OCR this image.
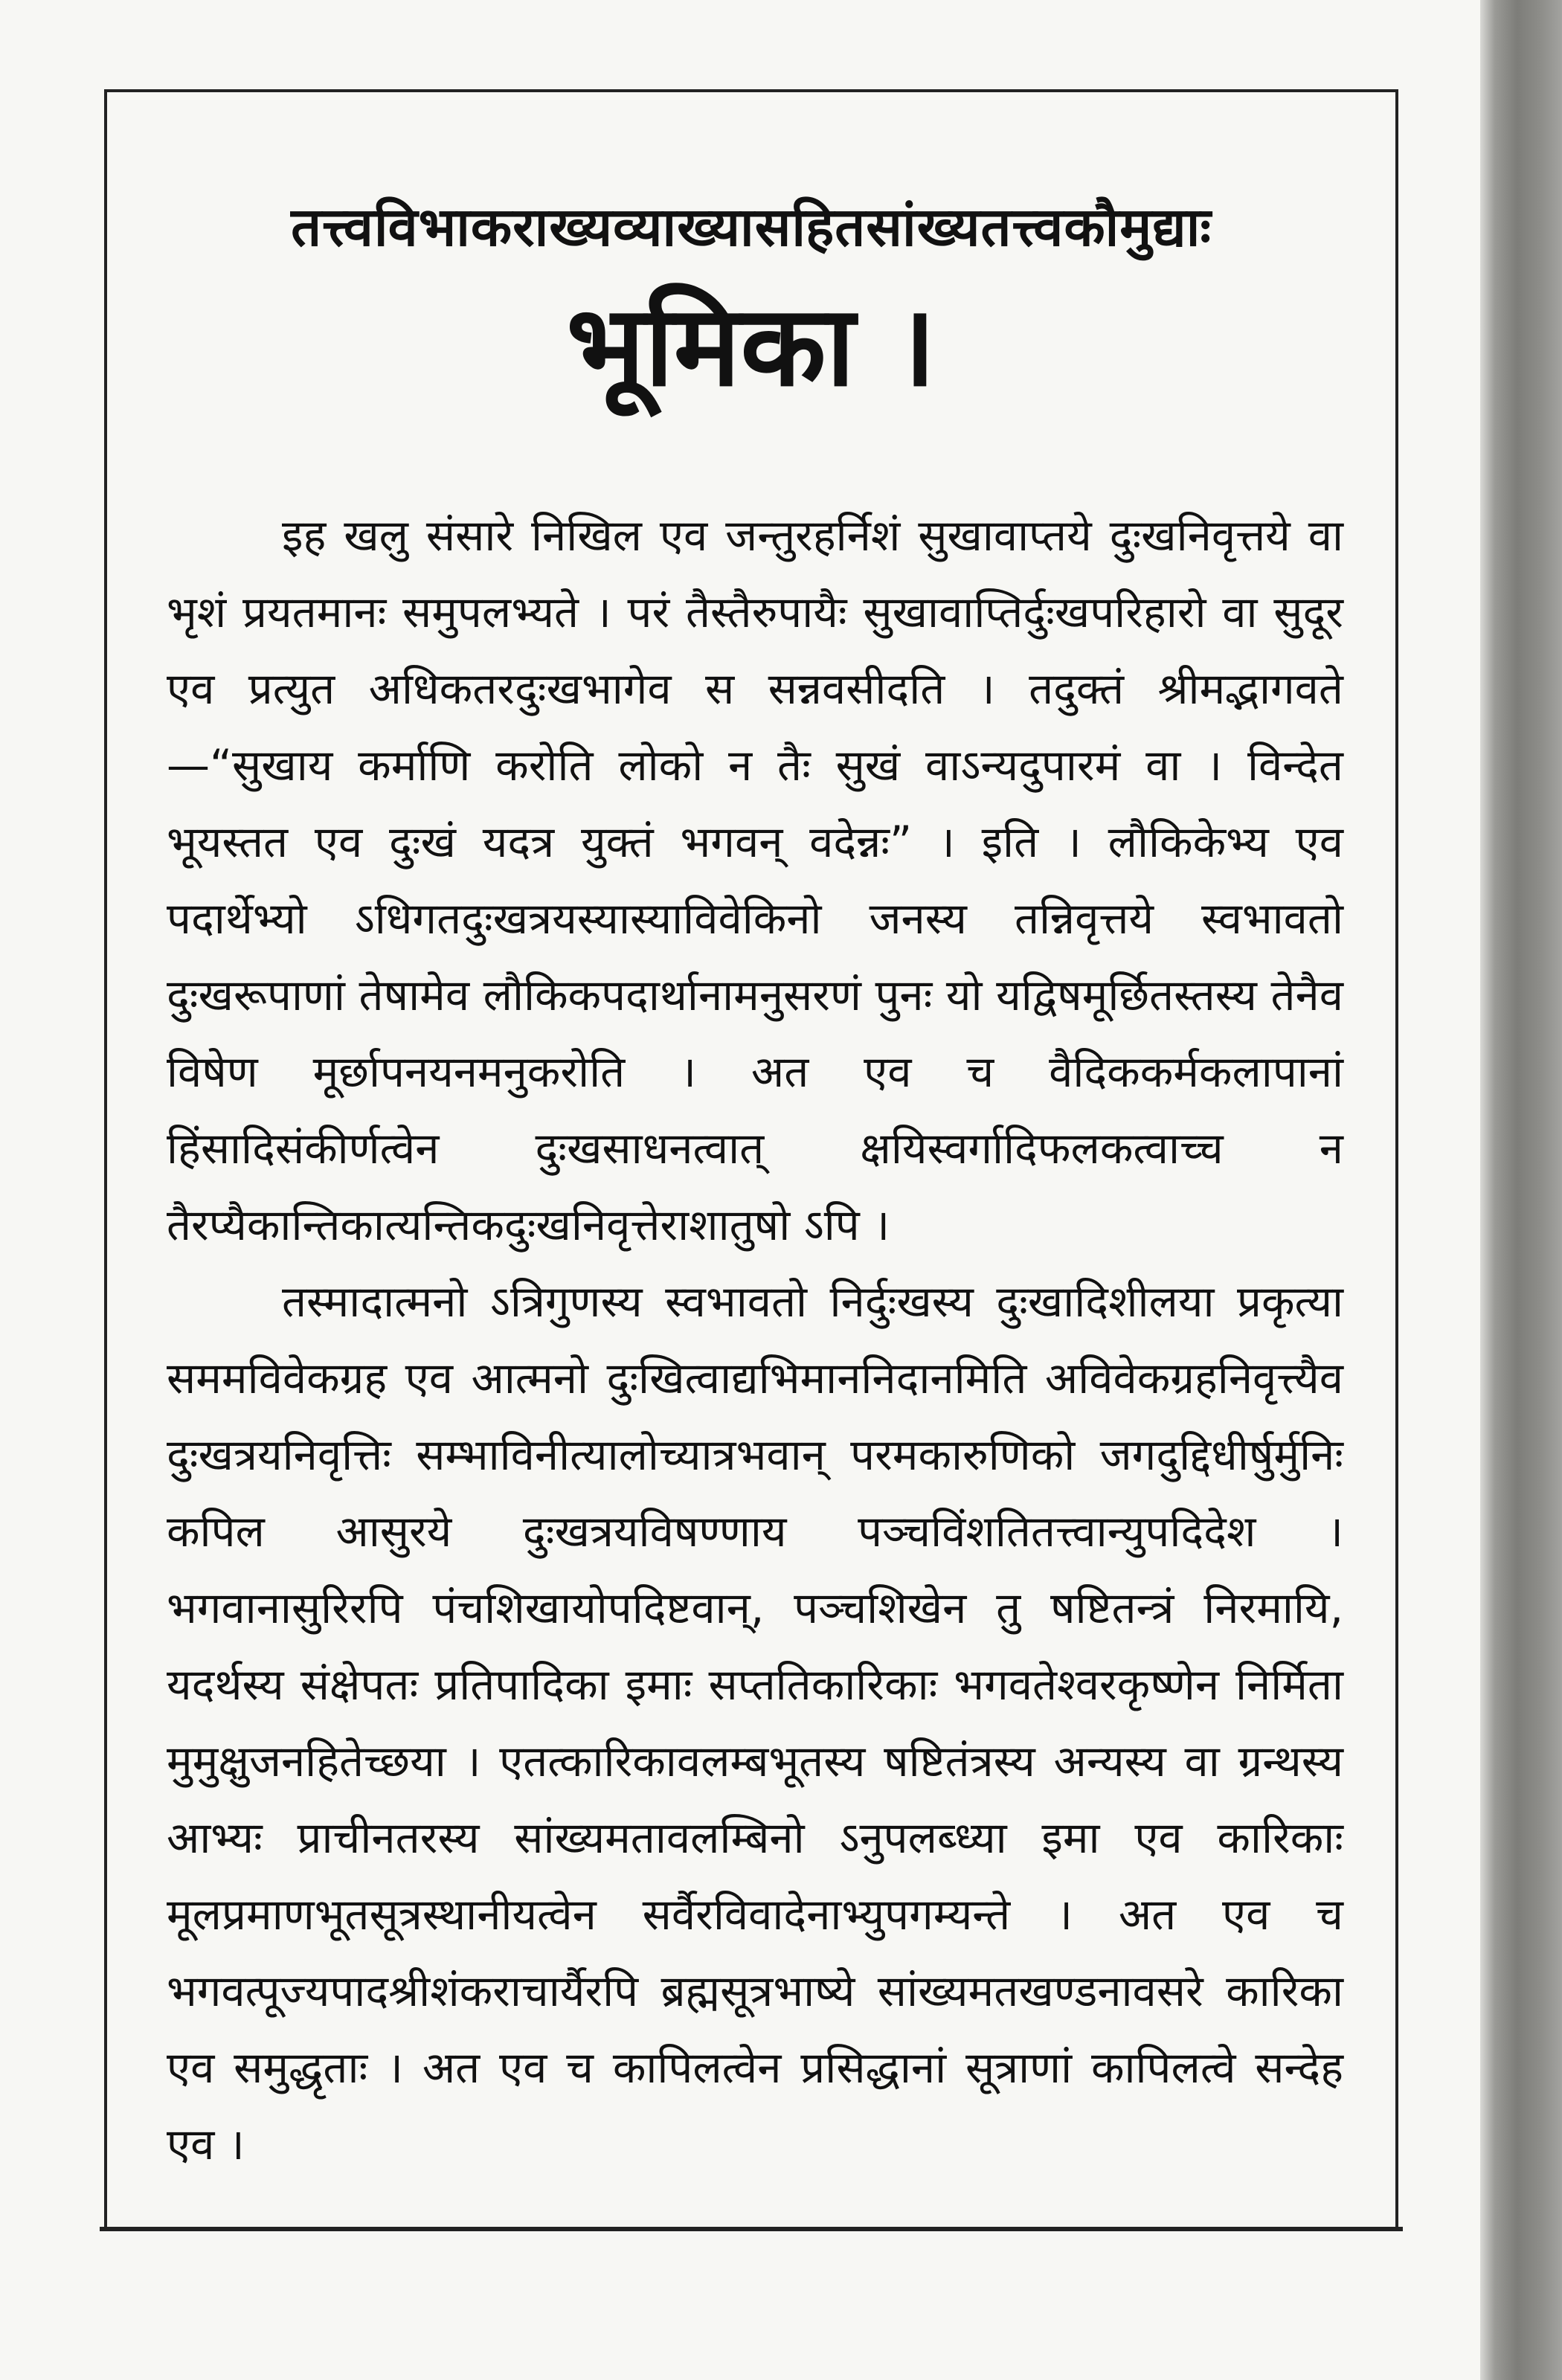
तत्त्वविभाकराख्यव्याख्यासहितसांख्यतत्त्वकौमुद्याः
भूमिका ।

इह खलु संसारे निखिल एव जन्तुरहर्निशं सुखावाप्तये दुःखनिवृत्तये वा भृशं प्रयतमानः समुपलभ्यते । परं तैस्तैरुपायैः सुखावाप्तिर्दुःखपरिहारो वा सुदूर एव प्रत्युत अधिकतरदुःखभागेव स सन्नवसीदति । तदुक्तं श्रीमद्भागवते—“सुखाय कर्माणि करोति लोको न तैः सुखं वाऽन्यदुपारमं वा । विन्देत भूयस्तत एव दुःखं यदत्र युक्तं भगवन् वदेन्नः” । इति । लौकिकेभ्य एव पदार्थेभ्यो ऽधिगतदुःखत्रयस्यास्याविवेकिनो जनस्य तन्निवृत्तये स्वभावतो दुःखरूपाणां तेषामेव लौकिकपदार्थानामनुसरणं पुनः यो यद्विषमूर्छितस्तस्य तेनैव विषेण मूर्छापनयनमनुकरोति । अत एव च वैदिककर्मकलापानां हिंसादिसंकीर्णत्वेन दुःखसाधनत्वात् क्षयिस्वर्गादिफलकत्वाच्च न तैरप्यैकान्तिकात्यन्तिकदुःखनिवृत्तेराशातुषो ऽपि ।

तस्मादात्मनो ऽत्रिगुणस्य स्वभावतो निर्दुःखस्य दुःखादिशीलया प्रकृत्या सममविवेकग्रह एव आत्मनो दुःखित्वाद्यभिमाननिदानमिति अविवेकग्रहनिवृत्त्यैव दुःखत्रयनिवृत्तिः सम्भाविनीत्यालोच्यात्रभवान् परमकारुणिको जगदुद्दिधीर्षुर्मुनिः कपिल आसुरये दुःखत्रयविषण्णाय पञ्चविंशतितत्त्वान्युपदिदेश । भगवानासुरिरपि पंचशिखायोपदिष्टवान्, पञ्चशिखेन तु षष्टितन्त्रं निरमायि, यदर्थस्य संक्षेपतः प्रतिपादिका इमाः सप्ततिकारिकाः भगवतेश्वरकृष्णेन निर्मिता मुमुक्षुजनहितेच्छया । एतत्कारिकावलम्बभूतस्य षष्टितंत्रस्य अन्यस्य वा ग्रन्थस्य आभ्यः प्राचीनतरस्य सांख्यमतावलम्बिनो ऽनुपलब्ध्या इमा एव कारिकाः मूलप्रमाणभूतसूत्रस्थानीयत्वेन सर्वैरविवादेनाभ्युपगम्यन्ते । अत एव च भगवत्पूज्यपादश्रीशंकराचार्यैरपि ब्रह्मसूत्रभाष्ये सांख्यमतखण्डनावसरे कारिका एव समुद्धृताः । अत एव च कापिलत्वेन प्रसिद्धानां सूत्राणां कापिलत्वे सन्देह एव ।
